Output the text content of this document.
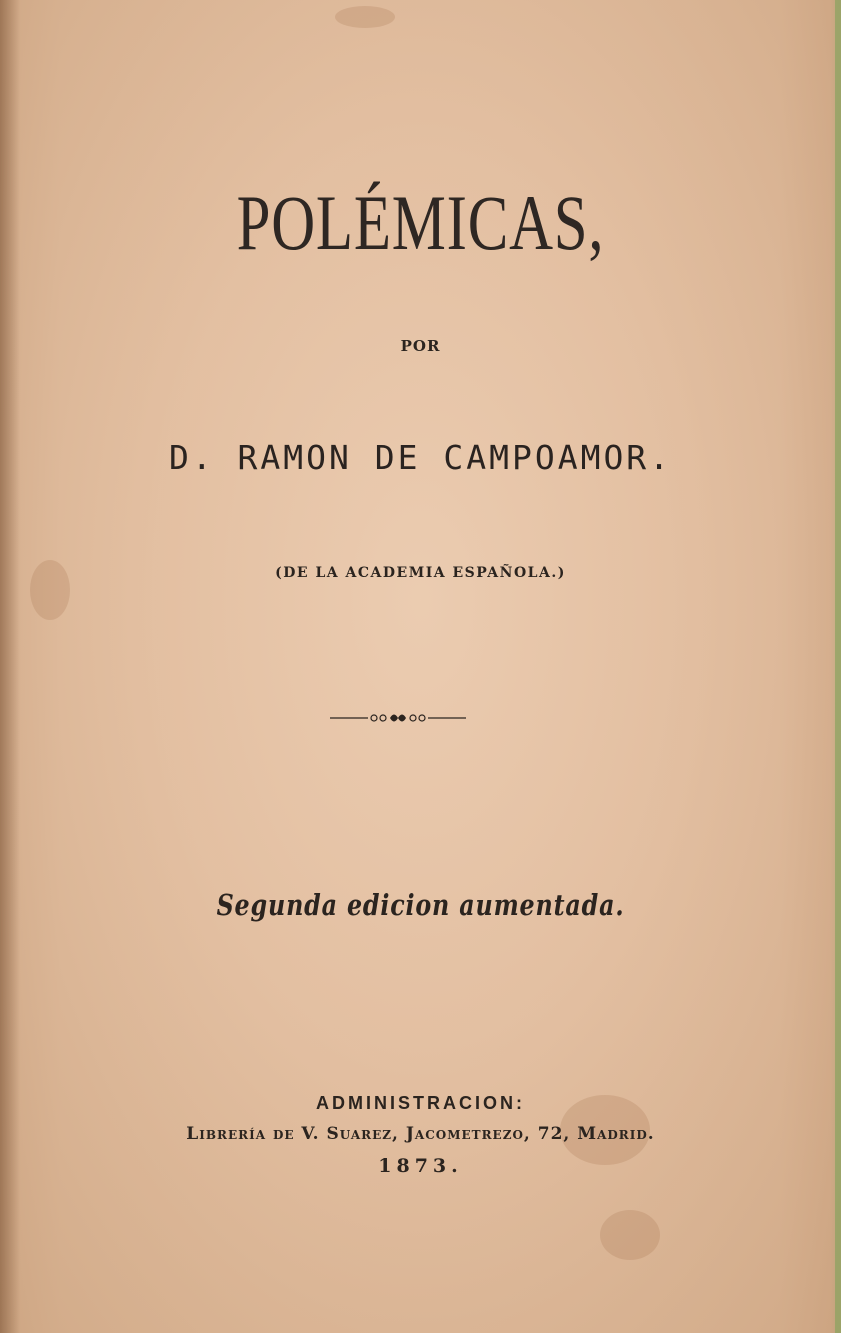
POLÉMICAS,
POR
D. RAMON DE CAMPOAMOR.
(DE LA ACADEMIA ESPAÑOLA.)
Segunda edicion aumentada.
ADMINISTRACION:
Librería de V. Suarez, Jacometrezo, 72, Madrid.
1873.
